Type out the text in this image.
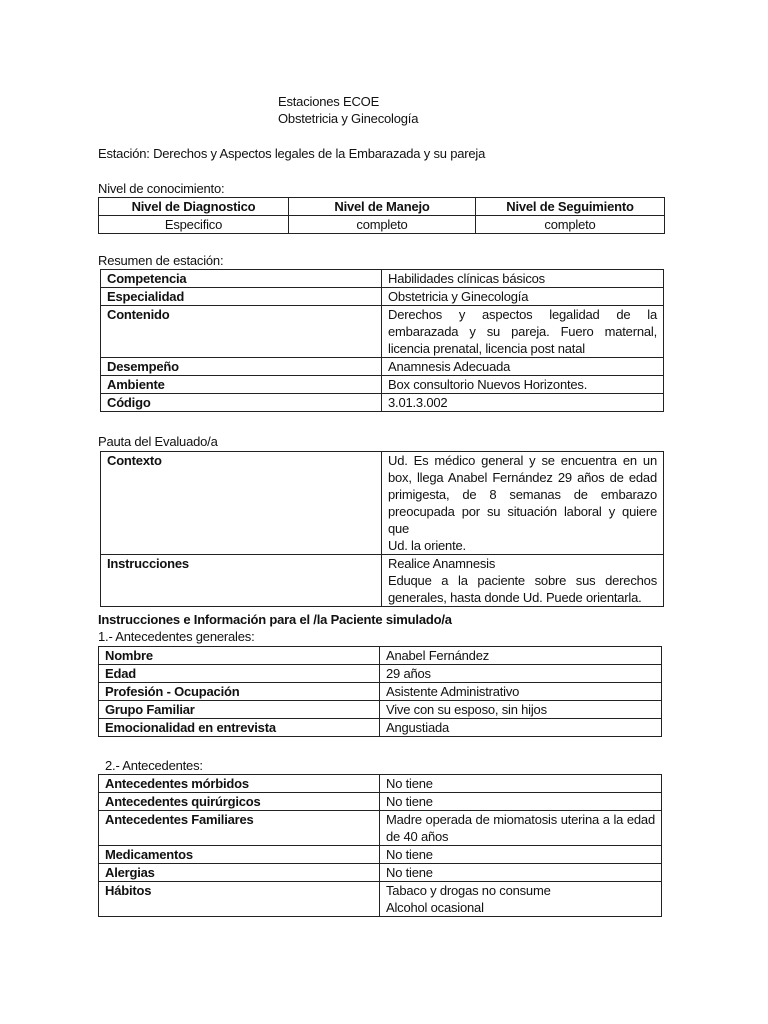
Estaciones ECOE
Obstetricia y Ginecología
Estación: Derechos y Aspectos legales de la Embarazada y su pareja
Nivel de conocimiento:
Nivel de Diagnostico	Nivel de Manejo	Nivel de Seguimiento
Especifico	completo	completo
Resumen de estación:
Competencia	Habilidades clínicas básicos

Especialidad	Obstetricia y Ginecología

Contenido	Derechos y aspectos legalidad de la
embarazada y su pareja. Fuero maternal,
licencia prenatal, licencia post natal

Desempeño	Anamnesis Adecuada

Ambiente	Box consultorio Nuevos Horizontes.

Código	3.01.3.002
Pauta del Evaluado/a
Contexto	Ud. Es médico general y se encuentra en un
box, llega Anabel Fernández 29 años de edad
primigesta, de 8 semanas de embarazo
preocupada por su situación laboral y quiere que
Ud. la oriente.

Instrucciones	Realice Anamnesis
Eduque a la paciente sobre sus derechos
generales, hasta donde Ud. Puede orientarla.
Instrucciones e Información para el /la Paciente simulado/a
1.- Antecedentes generales:
Nombre	Anabel Fernández

Edad	29 años

Profesión - Ocupación	Asistente Administrativo

Grupo Familiar	Vive con su esposo, sin hijos

Emocionalidad en entrevista	Angustiada
2.- Antecedentes:
Antecedentes mórbidos	No tiene

Antecedentes quirúrgicos	No tiene

Antecedentes Familiares	Madre operada de miomatosis uterina a la edad
de 40 años

Medicamentos	No tiene

Alergias	No tiene

Hábitos	Tabaco y drogas no consume
Alcohol ocasional
